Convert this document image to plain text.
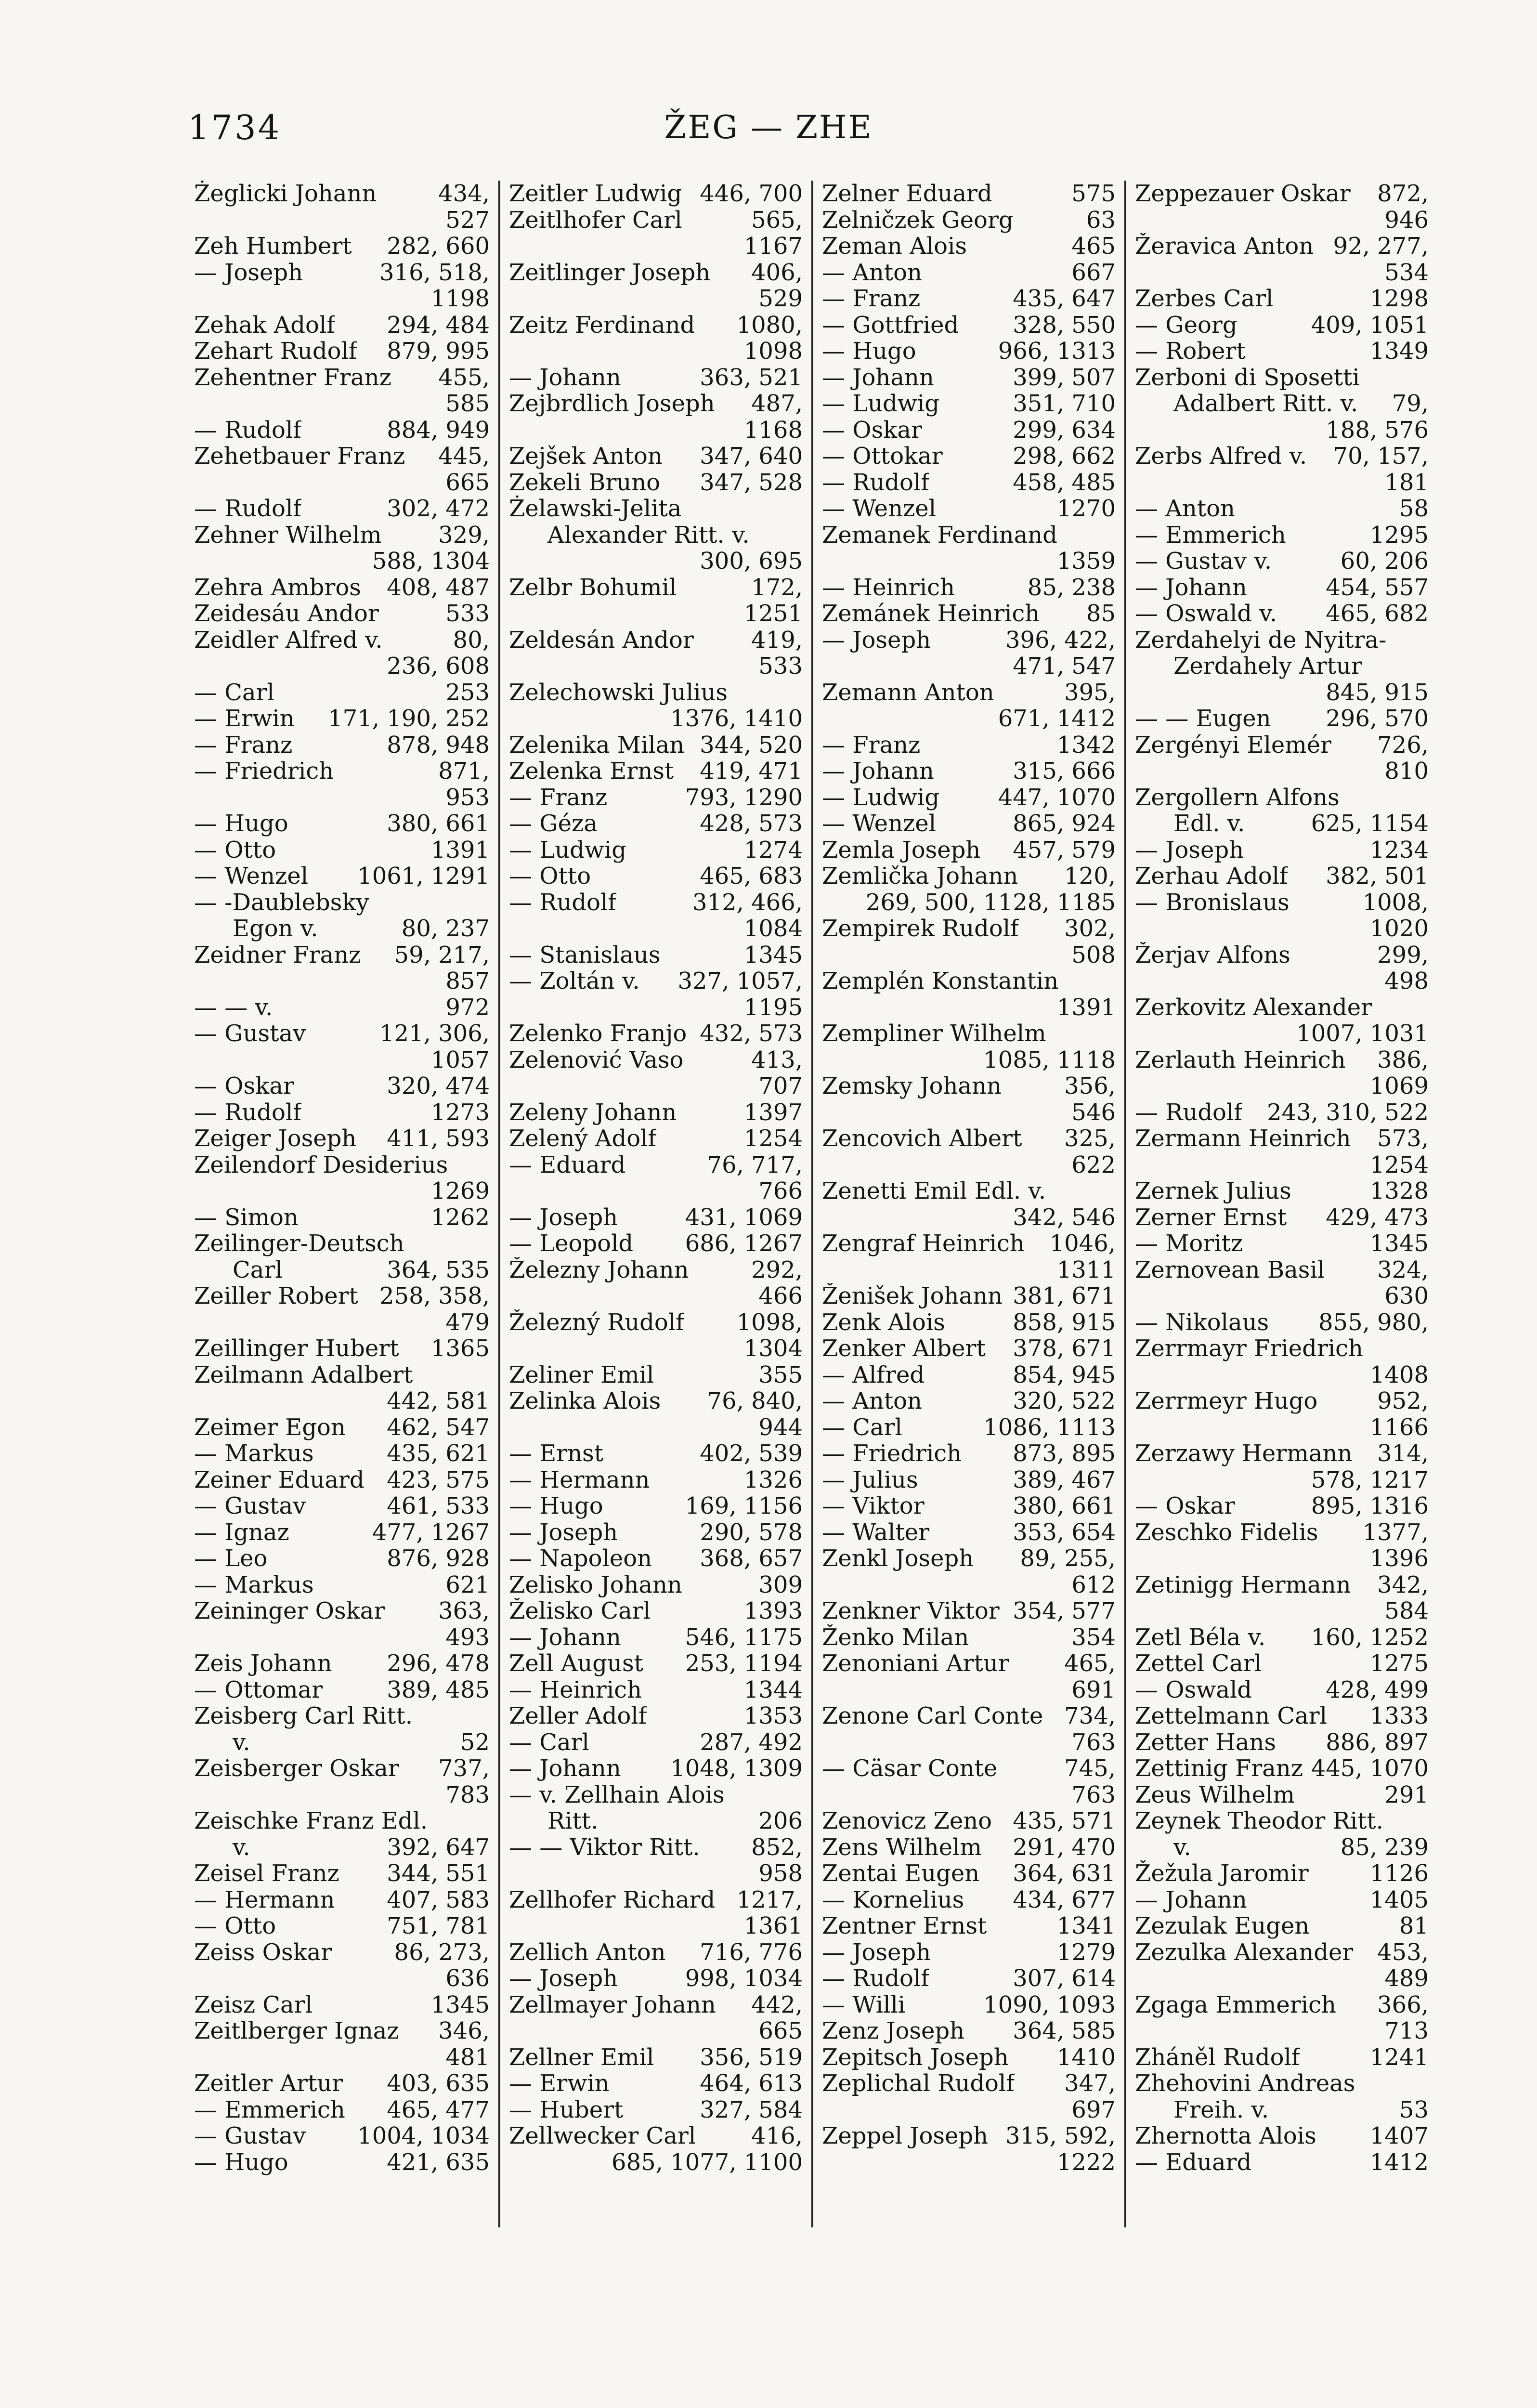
1734	ŽEG — ZHE
Żeglicki Johann	434,
527
Zeh Humbert 282, 660
— Joseph	316, 518,
1198
Zehak Adolf 294, 484
Zehart Rudolf 879, 995
Zehentner Franz 455,
585
— Rudolf	884, 949
Zehetbauer Franz 445,
665
— Rudolf	302, 472
Zehner Wilhelm 329,
588, 1304
Zehra Ambros 408, 487
Zeidesáu Andor	533
Zeidler Alfred v.	80,
236, 608
— Carl	253
— Erwin 171, 190, 252
— Franz	878, 948
— Friedrich	871,
953
— Hugo	380, 661
— Otto	1391
— Wenzel 1061, 1291
— -Daublebsky
Egon v.	80, 237
Zeidner Franz 59, 217,
857
— — v.	972
— Gustav	121, 306,
1057
— Oskar	320, 474
— Rudolf	1273
Zeiger Joseph 411, 593
Zeilendorf Desiderius
1269
— Simon	1262
Zeilinger-Deutsch
Carl	364, 535
Zeiller Robert 258, 358,
479
Zeillinger Hubert 1365
Zeilmann Adalbert
442, 581
Zeimer Egon 462, 547
— Markus	435, 621
Zeiner Eduard 423, 575
— Gustav	461, 533
— Ignaz	477, 1267
— Leo	876, 928
— Markus	621
Zeininger Oskar 363,
493
Zeis Johann 296, 478
— Ottomar	389, 485
Zeisberg Carl Ritt.
v.	52
Zeisberger Oskar 737,
783
Zeischke Franz Edl.
v.	392, 647
Zeisel Franz 344, 551
— Hermann 407, 583
— Otto	751, 781
Zeiss Oskar	86, 273,
636
Zeisz Carl	1345
Zeitlberger Ignaz 346,
481
Zeitler Artur 403, 635
— Emmerich 465, 477
— Gustav 1004, 1034
— Hugo	421, 635
Zeitler Ludwig 446, 700
Zeitlhofer Carl	565,
1167
Zeitlinger Joseph 406,
529
Zeitz Ferdinand 1080,
1098
— Johann	363, 521
Zejbrdlich Joseph 487,
1168
Zejšek Anton 347, 640
Zekeli Bruno 347, 528
Żelawski-Jelita
Alexander Ritt. v.
300, 695
Zelbr Bohumil	172,
1251
Zeldesán Andor 419,
533
Zelechowski Julius
1376, 1410
Zelenika Milan 344, 520
Zelenka Ernst 419, 471
— Franz	793, 1290
— Géza	428, 573
— Ludwig	1274
— Otto	465, 683
— Rudolf	312, 466,
1084
— Stanislaus	1345
— Zoltán v. 327, 1057,
1195
Zelenko Franjo 432, 573
Zelenović Vaso	413,
707
Zeleny Johann	1397
Zelený Adolf	1254
— Eduard	76, 717,
766
— Joseph	431, 1069
— Leopold 686, 1267
Železny Johann	292,
466
Železný Rudolf 1098,
1304
Zeliner Emil	355
Zelinka Alois 76, 840,
944
— Ernst	402, 539
— Hermann	1326
— Hugo	169, 1156
— Joseph	290, 578
— Napoleon 368, 657
Zelisko Johann	309
Želisko Carl	1393
— Johann	546, 1175
Zell August 253, 1194
— Heinrich	1344
Zeller Adolf	1353
— Carl	287, 492
— Johann 1048, 1309
— v. Zellhain Alois
Ritt.	206
— — Viktor Ritt. 852,
958
Zellhofer Richard 1217,
1361
Zellich Anton 716, 776
— Joseph	998, 1034
Zellmayer Johann 442,
665
Zellner Emil 356, 519
— Erwin	464, 613
— Hubert	327, 584
Zellwecker Carl 416,
685, 1077, 1100
Zelner Eduard	575
Zelničzek Georg	63
Zeman Alois	465
— Anton	667
— Franz	435, 647
— Gottfried 328, 550
— Hugo	966, 1313
— Johann	399, 507
— Ludwig	351, 710
— Oskar	299, 634
— Ottokar	298, 662
— Rudolf	458, 485
— Wenzel	1270
Zemanek Ferdinand
1359
— Heinrich	85, 238
Zemánek Heinrich 85
— Joseph	396, 422,
471, 547
Zemann Anton	395,
671, 1412
— Franz	1342
— Johann	315, 666
— Ludwig	447, 1070
— Wenzel	865, 924
Zemla Joseph 457, 579
Zemlička Johann 120,
269, 500, 1128, 1185
Zempirek Rudolf 302,
508
Zemplén Konstantin
1391
Zempliner Wilhelm
1085, 1118
Zemsky Johann	356,
546
Zencovich Albert 325,
622
Zenetti Emil Edl. v.
342, 546
Zengraf Heinrich 1046,
1311
Ženišek Johann 381, 671
Zenk Alois	858, 915
Zenker Albert 378, 671
— Alfred	854, 945
— Anton	320, 522
— Carl	1086, 1113
— Friedrich 873, 895
— Julius	389, 467
— Viktor	380, 661
— Walter	353, 654
Zenkl Joseph 89, 255,
612
Zenkner Viktor 354, 577
Ženko Milan	354
Zenoniani Artur 465,
691
Zenone Carl Conte 734,
763
— Cäsar Conte	745,
763
Zenovicz Zeno 435, 571
Zens Wilhelm 291, 470
Zentai Eugen 364, 631
— Kornelius 434, 677
Zentner Ernst	1341
— Joseph	1279
— Rudolf	307, 614
— Willi	1090, 1093
Zenz Joseph 364, 585
Zepitsch Joseph 1410
Zeplichal Rudolf 347,
697
Zeppel Joseph 315, 592,
1222
Zeppezauer Oskar 872,
946
Žeravica Anton 92, 277,
534
Zerbes Carl	1298
— Georg	409, 1051
— Robert	1349
Zerboni di Sposetti
Adalbert Ritt. v. 79,
188, 576
Zerbs Alfred v. 70, 157,
181
— Anton	58
— Emmerich	1295
— Gustav v.	60, 206
— Johann	454, 557
— Oswald v. 465, 682
Zerdahelyi de Nyitra-
Zerdahely Artur
845, 915
— — Eugen 296, 570
Zergényi Elemér 726,
810
Zergollern Alfons
Edl. v.	625, 1154
— Joseph	1234
Zerhau Adolf 382, 501
— Bronislaus	1008,
1020
Žerjav Alfons	299,
498
Zerkovitz Alexander
1007, 1031
Zerlauth Heinrich 386,
1069
— Rudolf 243, 310, 522
Zermann Heinrich 573,
1254
Zernek Julius	1328
Zerner Ernst 429, 473
— Moritz	1345
Zernovean Basil 324,
630
— Nikolaus 855, 980,
Zerrmayr Friedrich
1408
Zerrmeyr Hugo	952,
1166
Zerzawy Hermann 314,
578, 1217
— Oskar	895, 1316
Zeschko Fidelis 1377,
1396
Zetinigg Hermann 342,
584
Zetl Béla v. 160, 1252
Zettel Carl	1275
— Oswald	428, 499
Zettelmann Carl 1333
Zetter Hans 886, 897
Zettinig Franz 445, 1070
Zeus Wilhelm	291
Zeynek Theodor Ritt.
v.	85, 239
Žežula Jaromir	1126
— Johann	1405
Zezulak Eugen	81
Zezulka Alexander 453,
489
Zgaga Emmerich 366,
713
Zháněl Rudolf	1241
Zhehovini Andreas
Freih. v.	53
Zhernotta Alois 1407
— Eduard	1412
